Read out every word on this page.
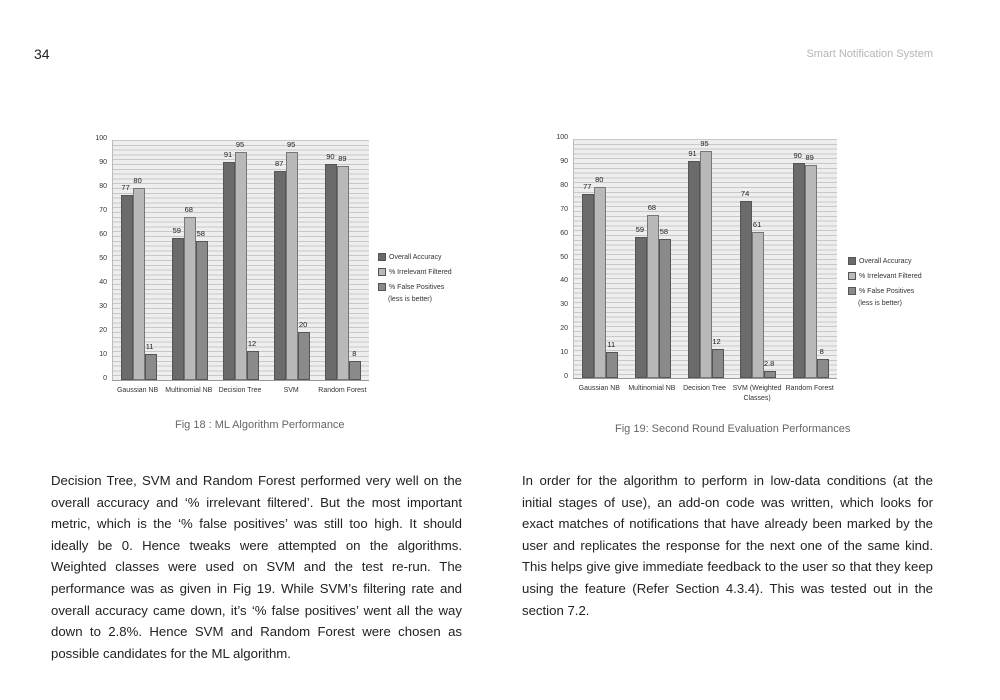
34	Smart Notification System
100
90
80
70
60
50
40
30
20
10
0
77
80
11
Gaussian NB
59
68
58
Multinomial NB
91
95
12
Decision Tree
87
95
20
SVM
90 89
8
Random Forest
Overall Accuracy
% Irrelevant Filtered
% False Positives
(less is better)
Fig 18 : ML Algorithm Performance
100
90
80
70
60
50
40
30
20
10
0
77
80
11
Gaussian NB
59
68
58
Multinomial NB
91
95
12
Decision Tree
74
61
2.8
SVM (Weighted Classes)
90 89
8
Random Forest
Overall Accuracy
% Irrelevant Filtered
% False Positives
(less is better)
Fig 19: Second Round Evaluation Performances
Decision Tree, SVM and Random Forest performed very well on the overall accuracy and ‘% irrelevant filtered’. But the most important metric, which is the ‘% false positives’ was still too high. It should ideally be 0. Hence tweaks were attempted on the algorithms. Weighted classes were used on SVM and the test re-run. The performance was as given in Fig 19. While SVM’s filtering rate and overall accuracy came down, it’s ‘% false positives’ went all the way down to 2.8%. Hence SVM and Random Forest were chosen as possible candidates for the ML algorithm.
In order for the algorithm to perform in low-data conditions (at the initial stages of use), an add-on code was written, which looks for exact matches of notifications that have already been marked by the user and replicates the response for the next one of the same kind. This helps give give immediate feedback to the user so that they keep using the feature (Refer Section 4.3.4). This was tested out in the section 7.2.
